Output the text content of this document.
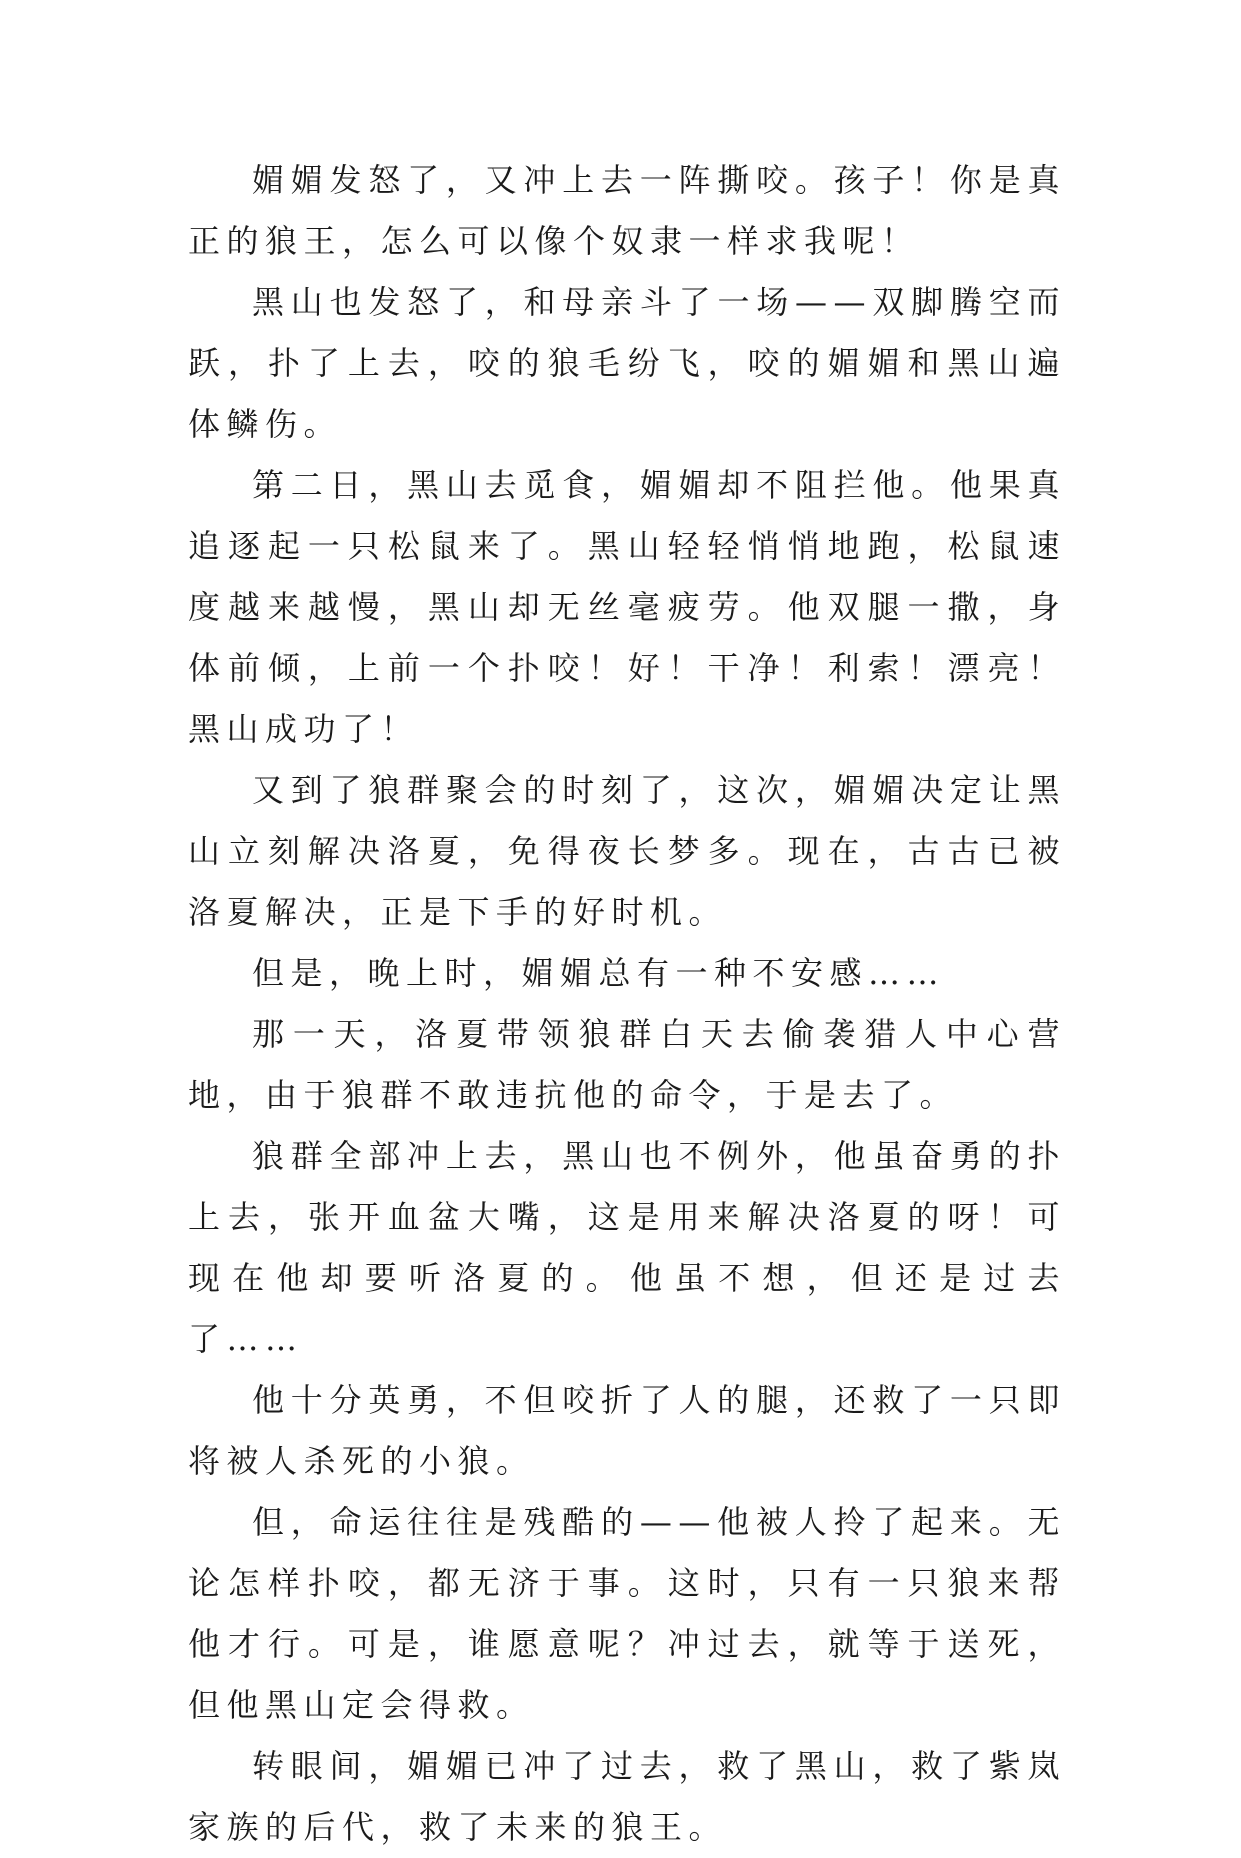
媚媚发怒了，又冲上去一阵撕咬。孩子！你是真正的狼王，怎么可以像个奴隶一样求我呢！

黑山也发怒了，和母亲斗了一场——双脚腾空而跃，扑了上去，咬的狼毛纷飞，咬的媚媚和黑山遍体鳞伤。

第二日，黑山去觅食，媚媚却不阻拦他。他果真追逐起一只松鼠来了。黑山轻轻悄悄地跑，松鼠速度越来越慢，黑山却无丝毫疲劳。他双腿一撒，身体前倾，上前一个扑咬！好！干净！利索！漂亮！黑山成功了！

又到了狼群聚会的时刻了，这次，媚媚决定让黑山立刻解决洛夏，免得夜长梦多。现在，古古已被洛夏解决，正是下手的好时机。

但是，晚上时，媚媚总有一种不安感……

那一天，洛夏带领狼群白天去偷袭猎人中心营地，由于狼群不敢违抗他的命令，于是去了。

狼群全部冲上去，黑山也不例外，他虽奋勇的扑上去，张开血盆大嘴，这是用来解决洛夏的呀！可现在他却要听洛夏的。他虽不想，但还是过去了……

他十分英勇，不但咬折了人的腿，还救了一只即将被人杀死的小狼。

但，命运往往是残酷的——他被人拎了起来。无论怎样扑咬，都无济于事。这时，只有一只狼来帮他才行。可是，谁愿意呢？冲过去，就等于送死，但他黑山定会得救。

转眼间，媚媚已冲了过去，救了黑山，救了紫岚家族的后代，救了未来的狼王。
